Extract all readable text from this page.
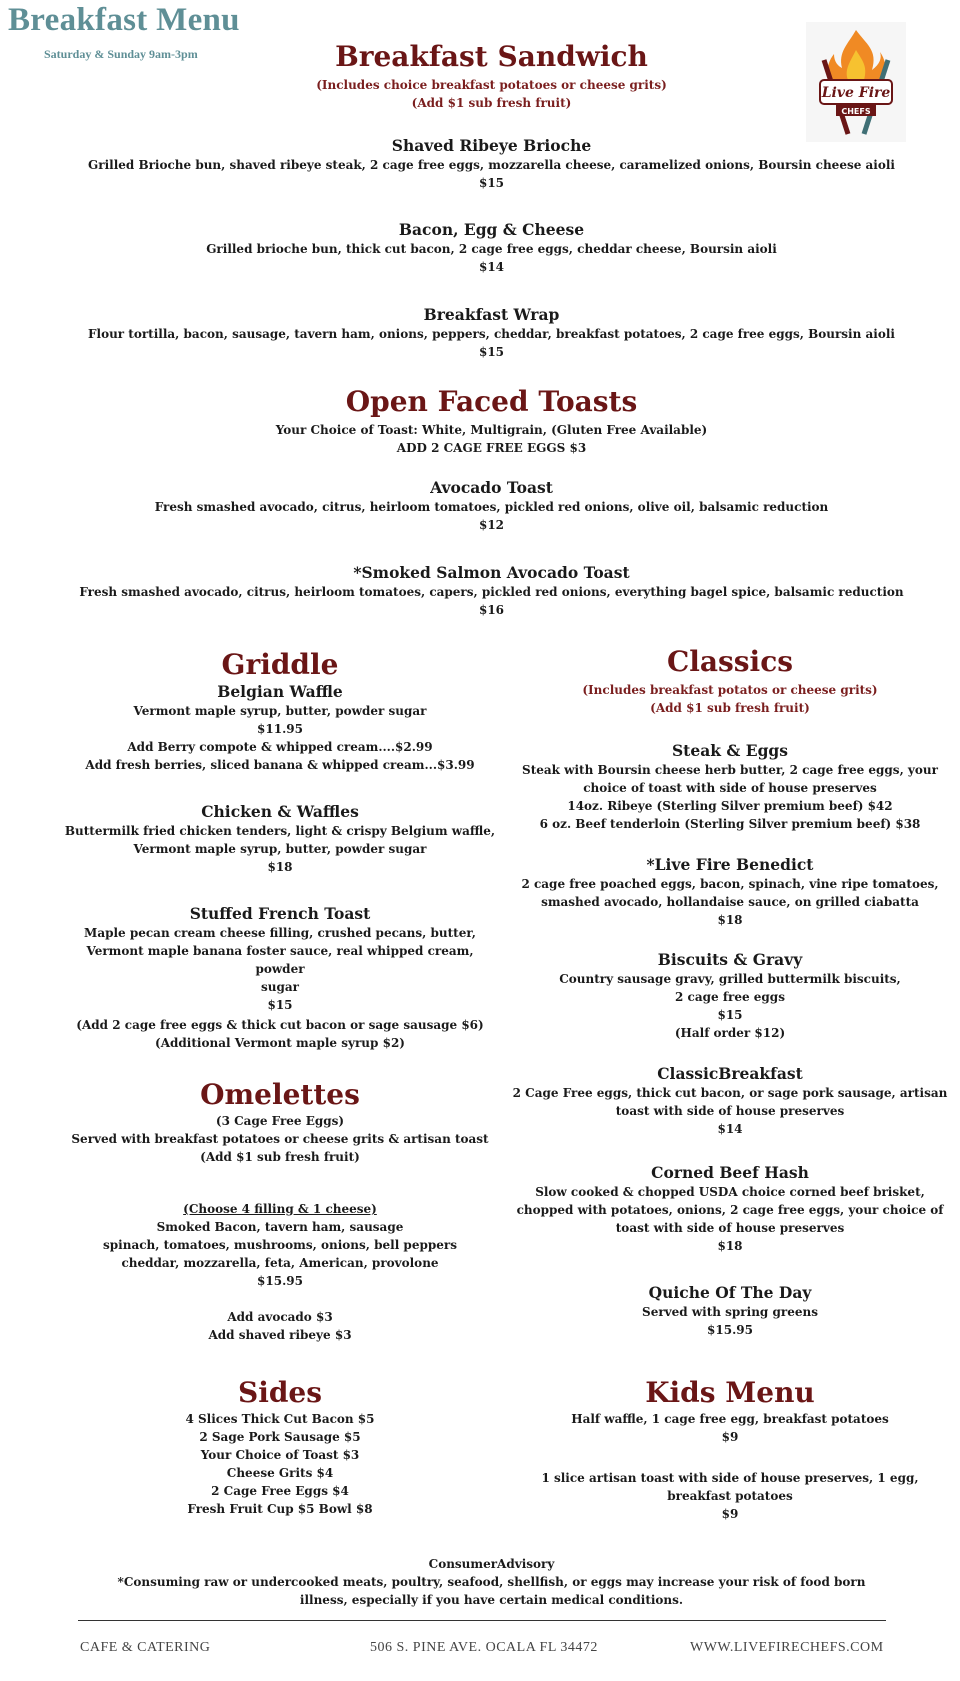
Breakfast Menu
Saturday & Sunday 9am-3pm
Live Fire
CHEFS
Breakfast Sandwich
(Includes choice breakfast potatoes or cheese grits)
(Add $1 sub fresh fruit)
Shaved Ribeye Brioche
Grilled Brioche bun, shaved ribeye steak, 2 cage free eggs, mozzarella cheese, caramelized onions, Boursin cheese aioli
$15
Bacon, Egg & Cheese
Grilled brioche bun, thick cut bacon, 2 cage free eggs, cheddar cheese, Boursin aioli
$14
Breakfast Wrap
Flour tortilla, bacon, sausage, tavern ham, onions, peppers, cheddar, breakfast potatoes, 2 cage free eggs, Boursin aioli
$15
Open Faced Toasts
Your Choice of Toast: White, Multigrain, (Gluten Free Available)
ADD 2 CAGE FREE EGGS $3
Avocado Toast
Fresh smashed avocado, citrus, heirloom tomatoes, pickled red onions, olive oil, balsamic reduction
$12
*Smoked Salmon Avocado Toast
Fresh smashed avocado, citrus, heirloom tomatoes, capers, pickled red onions, everything bagel spice, balsamic reduction
$16
Griddle
Belgian Waffle
Vermont maple syrup, butter, powder sugar
$11.95
Add Berry compote & whipped cream....$2.99
Add fresh berries, sliced banana & whipped cream...$3.99
Chicken & Waffles
Buttermilk fried chicken tenders, light & crispy Belgium waffle,
Vermont maple syrup, butter, powder sugar
$18
Stuffed French Toast
Maple pecan cream cheese filling, crushed pecans, butter,
Vermont maple banana foster sauce, real whipped cream, powder
sugar
$15
(Add 2 cage free eggs & thick cut bacon or sage sausage $6)
(Additional Vermont maple syrup $2)
Omelettes
(3 Cage Free Eggs)
Served with breakfast potatoes or cheese grits & artisan toast
(Add $1 sub fresh fruit)
(Choose 4 filling & 1 cheese)
Smoked Bacon, tavern ham, sausage
spinach, tomatoes, mushrooms, onions, bell peppers
cheddar, mozzarella, feta, American, provolone
$15.95
Add avocado $3
Add shaved ribeye $3
Classics
(Includes breakfast potatos or cheese grits)
(Add $1 sub fresh fruit)
Steak & Eggs
Steak with Boursin cheese herb butter, 2 cage free eggs, your
choice of toast with side of house preserves
14oz. Ribeye (Sterling Silver premium beef) $42
6 oz. Beef tenderloin (Sterling Silver premium beef) $38
*Live Fire Benedict
2 cage free poached eggs, bacon, spinach, vine ripe tomatoes,
smashed avocado, hollandaise sauce, on grilled ciabatta
$18
Biscuits & Gravy
Country sausage gravy, grilled buttermilk biscuits,
2 cage free eggs
$15
(Half order $12)
ClassicBreakfast
2 Cage Free eggs, thick cut bacon, or sage pork sausage, artisan
toast with side of house preserves
$14
Corned Beef Hash
Slow cooked & chopped USDA choice corned beef brisket,
chopped with potatoes, onions, 2 cage free eggs, your choice of
toast with side of house preserves
$18
Quiche Of The Day
Served with spring greens
$15.95
Sides
4 Slices Thick Cut Bacon $5
2 Sage Pork Sausage $5
Your Choice of Toast $3
Cheese Grits $4
2 Cage Free Eggs $4
Fresh Fruit Cup $5 Bowl $8
Kids Menu
Half waffle, 1 cage free egg, breakfast potatoes
$9
1 slice artisan toast with side of house preserves, 1 egg,
breakfast potatoes
$9
ConsumerAdvisory
*Consuming raw or undercooked meats, poultry, seafood, shellfish, or eggs may increase your risk of food born
illness, especially if you have certain medical conditions.
CAFE & CATERING	506 S. PINE AVE. OCALA FL 34472	WWW.LIVEFIRECHEFS.COM
